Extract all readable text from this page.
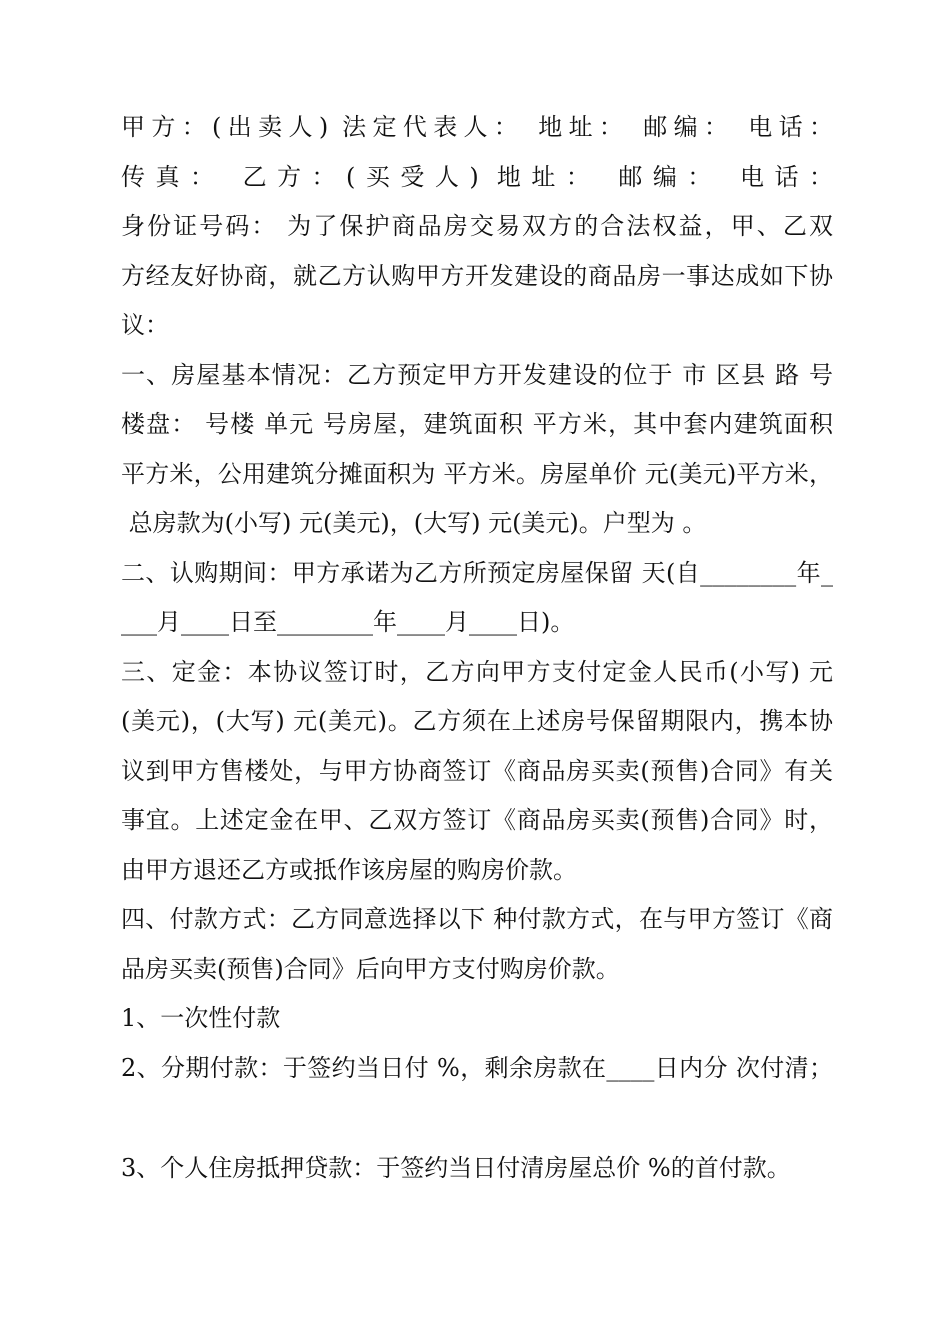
甲方：(出卖人) 法定代表人： 地址： 邮编： 电话：
传真： 乙方：(买受人) 地址： 邮编： 电话：
身份证号码： 为了保护商品房交易双方的合法权益，甲、乙双
方经友好协商，就乙方认购甲方开发建设的商品房一事达成如下协
议：
一、房屋基本情况：乙方预定甲方开发建设的位于 市 区县 路 号
楼盘： 号楼 单元 号房屋，建筑面积 平方米，其中套内建筑面积
平方米，公用建筑分摊面积为 平方米。房屋单价 元(美元)平方米，
总房款为(小写) 元(美元)，(大写) 元(美元)。户型为 。
二、认购期间：甲方承诺为乙方所预定房屋保留 天(自________年_
___月____日至________年____月____日)。
三、定金：本协议签订时，乙方向甲方支付定金人民币(小写) 元
(美元)，(大写) 元(美元)。乙方须在上述房号保留期限内，携本协
议到甲方售楼处，与甲方协商签订《商品房买卖(预售)合同》有关
事宜。上述定金在甲、乙双方签订《商品房买卖(预售)合同》时，
由甲方退还乙方或抵作该房屋的购房价款。
四、付款方式：乙方同意选择以下 种付款方式，在与甲方签订《商
品房买卖(预售)合同》后向甲方支付购房价款。
1、一次性付款
2、分期付款：于签约当日付 %，剩余房款在____日内分 次付清；
3、个人住房抵押贷款：于签约当日付清房屋总价 %的首付款。
